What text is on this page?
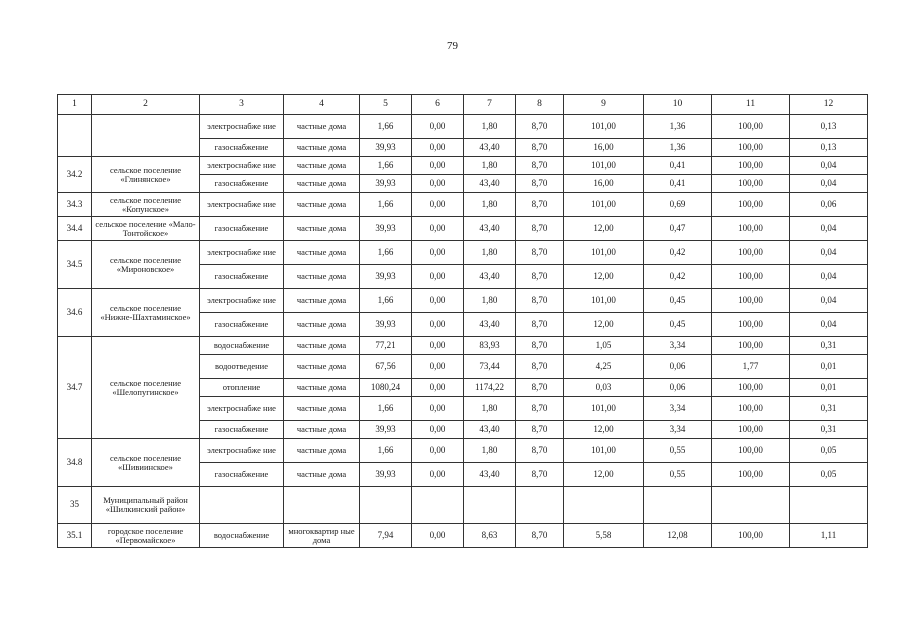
79
1	2	3	4	5	6	7	8	9	10	11	12
		электроснабже ние	частные дома	1,66	0,00	1,80	8,70	101,00	1,36	100,00	0,13
		газоснабжение	частные дома	39,93	0,00	43,40	8,70	16,00	1,36	100,00	0,13
34.2	сельское поселение «Глинянское»	электроснабже ние	частные дома	1,66	0,00	1,80	8,70	101,00	0,41	100,00	0,04
		газоснабжение	частные дома	39,93	0,00	43,40	8,70	16,00	0,41	100,00	0,04
34.3	сельское поселение «Копунское»	электроснабже ние	частные дома	1,66	0,00	1,80	8,70	101,00	0,69	100,00	0,06
34.4	сельское поселение «Мало-Тонтойское»	газоснабжение	частные дома	39,93	0,00	43,40	8,70	12,00	0,47	100,00	0,04
34.5	сельское поселение «Мироновское»	электроснабже ние	частные дома	1,66	0,00	1,80	8,70	101,00	0,42	100,00	0,04
		газоснабжение	частные дома	39,93	0,00	43,40	8,70	12,00	0,42	100,00	0,04
34.6	сельское поселение «Нижне-Шахтаминское»	электроснабже ние	частные дома	1,66	0,00	1,80	8,70	101,00	0,45	100,00	0,04
		газоснабжение	частные дома	39,93	0,00	43,40	8,70	12,00	0,45	100,00	0,04
34.7	сельское поселение «Шелопугинское»	водоснабжение	частные дома	77,21	0,00	83,93	8,70	1,05	3,34	100,00	0,31
		водоотведение	частные дома	67,56	0,00	73,44	8,70	4,25	0,06	1,77	0,01
		отопление	частные дома	1080,24	0,00	1174,22	8,70	0,03	0,06	100,00	0,01
		электроснабже ние	частные дома	1,66	0,00	1,80	8,70	101,00	3,34	100,00	0,31
		газоснабжение	частные дома	39,93	0,00	43,40	8,70	12,00	3,34	100,00	0,31
34.8	сельское поселение «Шивиинское»	электроснабже ние	частные дома	1,66	0,00	1,80	8,70	101,00	0,55	100,00	0,05
		газоснабжение	частные дома	39,93	0,00	43,40	8,70	12,00	0,55	100,00	0,05
35	Муниципальный район «Шилкинский район»										
35.1	городское поселение «Первомайское»	водоснабжение	многоквартир ные дома	7,94	0,00	8,63	8,70	5,58	12,08	100,00	1,11
